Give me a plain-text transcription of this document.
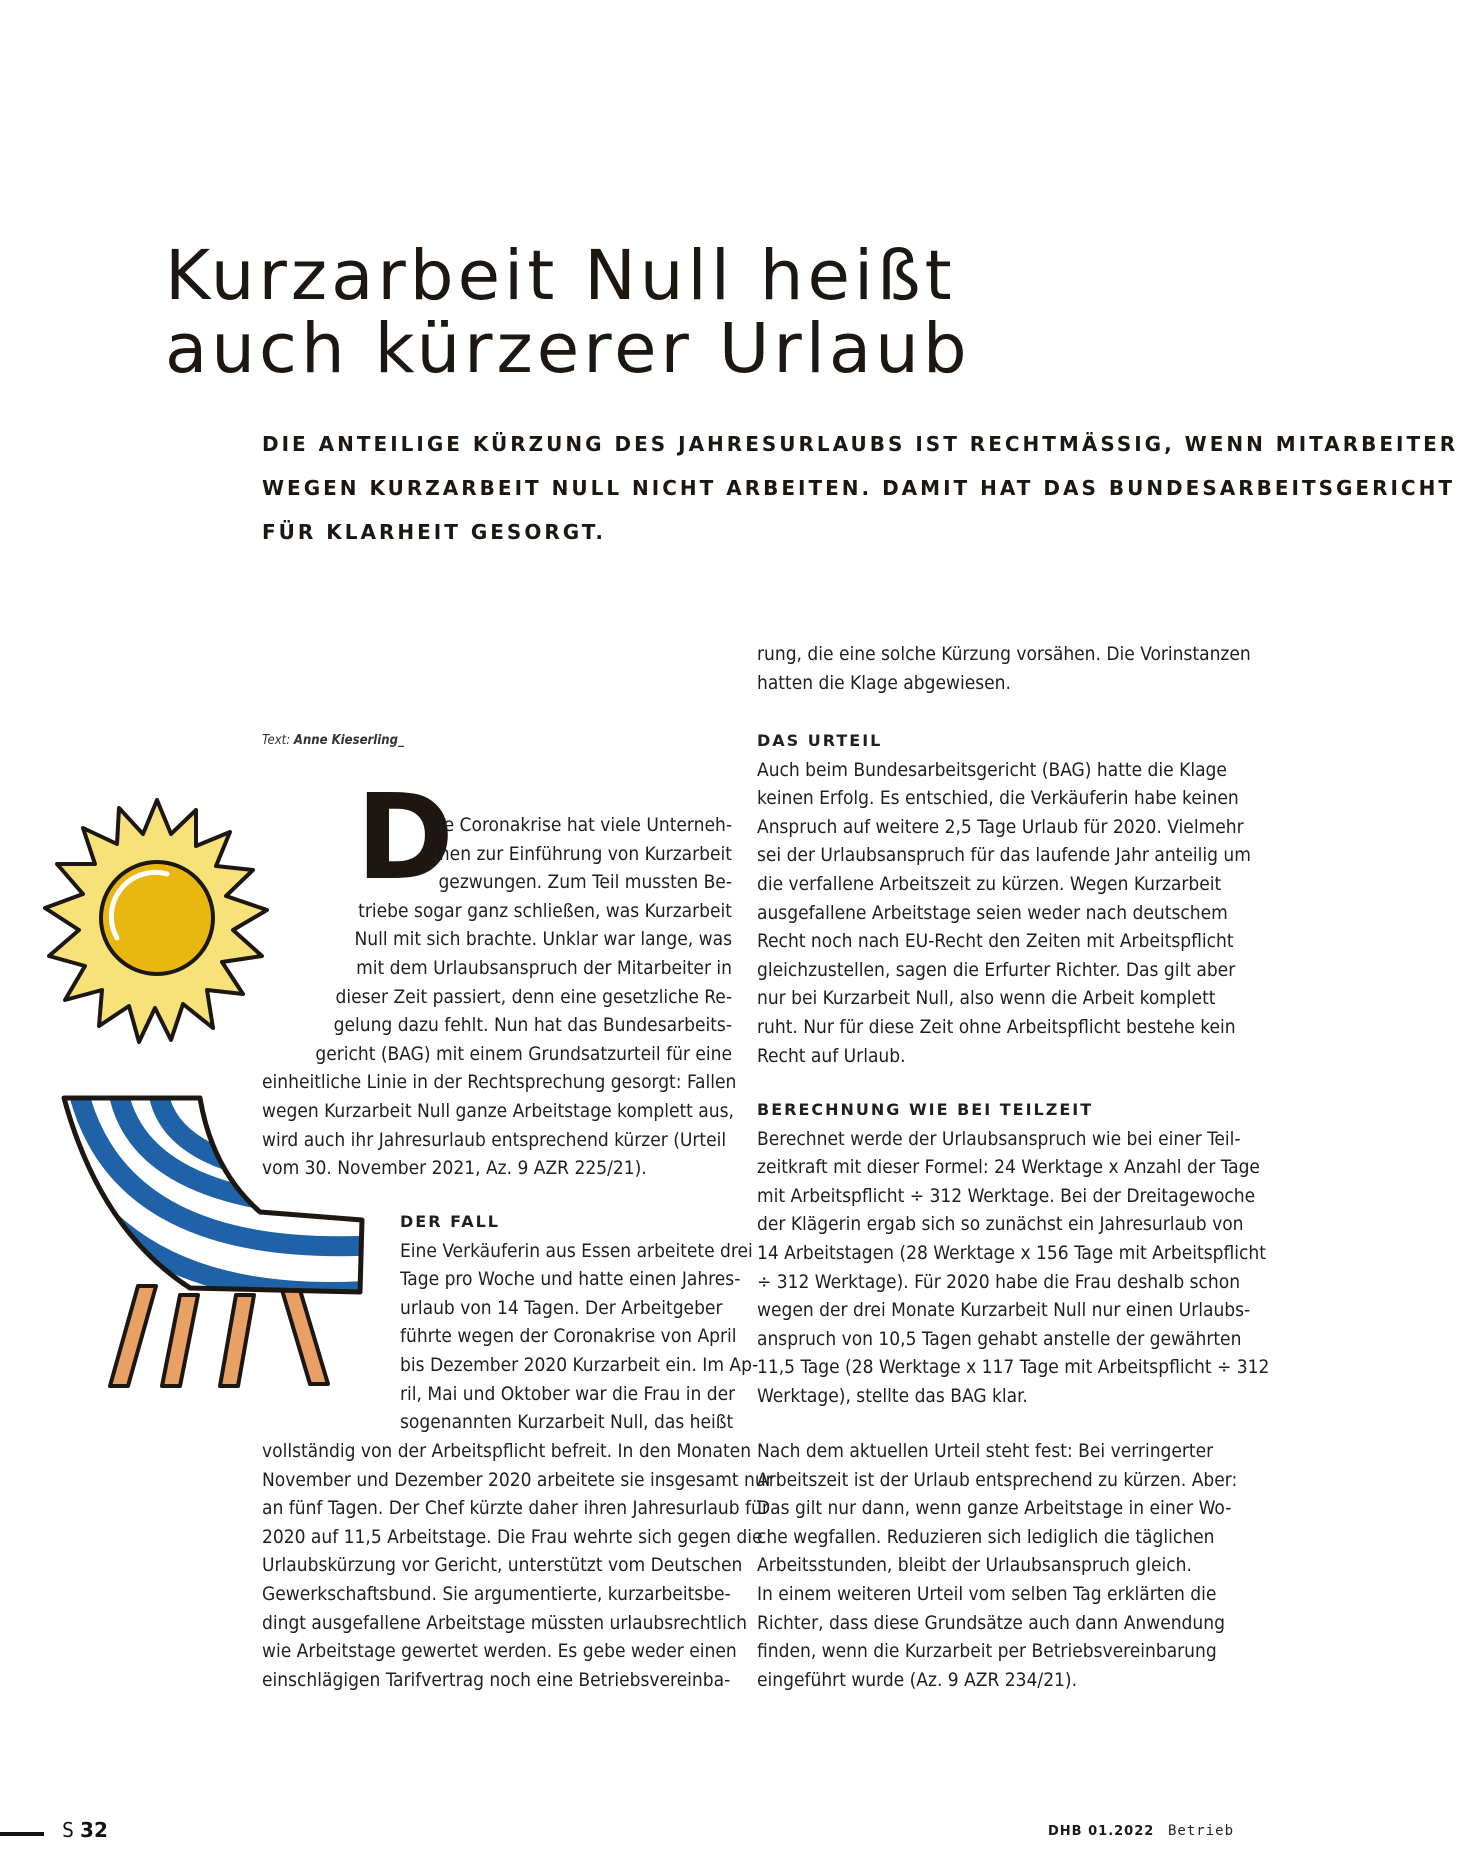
Kurzarbeit Null heißt
auch kürzerer Urlaub

DIE ANTEILIGE KÜRZUNG DES JAHRESURLAUBS IST RECHTMÄSSIG, WENN MITARBEITER
WEGEN KURZARBEIT NULL NICHT ARBEITEN. DAMIT HAT DAS BUNDESARBEITSGERICHT
FÜR KLARHEIT GESORGT.

Text: Anne Kieserling_
D
ie Coronakrise hat viele Unterneh-
men zur Einführung von Kurzarbeit
gezwungen. Zum Teil mussten Be-
triebe sogar ganz schließen, was Kurzarbeit
Null mit sich brachte. Unklar war lange, was
mit dem Urlaubsanspruch der Mitarbeiter in
dieser Zeit passiert, denn eine gesetzliche Re-
gelung dazu fehlt. Nun hat das Bundesarbeits-
gericht (BAG) mit einem Grundsatzurteil für eine
einheitliche Linie in der Rechtsprechung gesorgt: Fallen
wegen Kurzarbeit Null ganze Arbeitstage komplett aus,
wird auch ihr Jahresurlaub entsprechend kürzer (Urteil
vom 30. November 2021, Az. 9 AZR 225/21).
DER FALL
Eine Verkäuferin aus Essen arbeitete drei
Tage pro Woche und hatte einen Jahres-
urlaub von 14 Tagen. Der Arbeitgeber
führte wegen der Coronakrise von April
bis Dezember 2020 Kurzarbeit ein. Im Ap-
ril, Mai und Oktober war die Frau in der
sogenannten Kurzarbeit Null, das heißt
vollständig von der Arbeitspflicht befreit. In den Monaten
November und Dezember 2020 arbeitete sie insgesamt nur
an fünf Tagen. Der Chef kürzte daher ihren Jahresurlaub für
2020 auf 11,5 Arbeitstage. Die Frau wehrte sich gegen die
Urlaubskürzung vor Gericht, unterstützt vom Deutschen
Gewerkschaftsbund. Sie argumentierte, kurzarbeitsbe-
dingt ausgefallene Arbeitstage müssten urlaubsrechtlich
wie Arbeitstage gewertet werden. Es gebe weder einen
einschlägigen Tarifvertrag noch eine Betriebsvereinba-
rung, die eine solche Kürzung vorsähen. Die Vorinstanzen
hatten die Klage abgewiesen.
DAS URTEIL
Auch beim Bundesarbeitsgericht (BAG) hatte die Klage
keinen Erfolg. Es entschied, die Verkäuferin habe keinen
Anspruch auf weitere 2,5 Tage Urlaub für 2020. Vielmehr
sei der Urlaubsanspruch für das laufende Jahr anteilig um
die verfallene Arbeitszeit zu kürzen. Wegen Kurzarbeit
ausgefallene Arbeitstage seien weder nach deutschem
Recht noch nach EU-Recht den Zeiten mit Arbeitspflicht
gleichzustellen, sagen die Erfurter Richter. Das gilt aber
nur bei Kurzarbeit Null, also wenn die Arbeit komplett
ruht. Nur für diese Zeit ohne Arbeitspflicht bestehe kein
Recht auf Urlaub.
BERECHNUNG WIE BEI TEILZEIT
Berechnet werde der Urlaubsanspruch wie bei einer Teil-
zeitkraft mit dieser Formel: 24 Werktage x Anzahl der Tage
mit Arbeitspflicht ÷ 312 Werktage. Bei der Dreitagewoche
der Klägerin ergab sich so zunächst ein Jahresurlaub von
14 Arbeitstagen (28 Werktage x 156 Tage mit Arbeitspflicht
÷ 312 Werktage). Für 2020 habe die Frau deshalb schon
wegen der drei Monate Kurzarbeit Null nur einen Urlaubs-
anspruch von 10,5 Tagen gehabt anstelle der gewährten
11,5 Tage (28 Werktage x 117 Tage mit Arbeitspflicht ÷ 312
Werktage), stellte das BAG klar.
Nach dem aktuellen Urteil steht fest: Bei verringerter
Arbeitszeit ist der Urlaub entsprechend zu kürzen. Aber:
Das gilt nur dann, wenn ganze Arbeitstage in einer Wo-
che wegfallen. Reduzieren sich lediglich die täglichen
Arbeitsstunden, bleibt der Urlaubsanspruch gleich.
In einem weiteren Urteil vom selben Tag erklärten die
Richter, dass diese Grundsätze auch dann Anwendung
finden, wenn die Kurzarbeit per Betriebsvereinbarung
eingeführt wurde (Az. 9 AZR 234/21).
S 32	DHB 01.2022 Betrieb
